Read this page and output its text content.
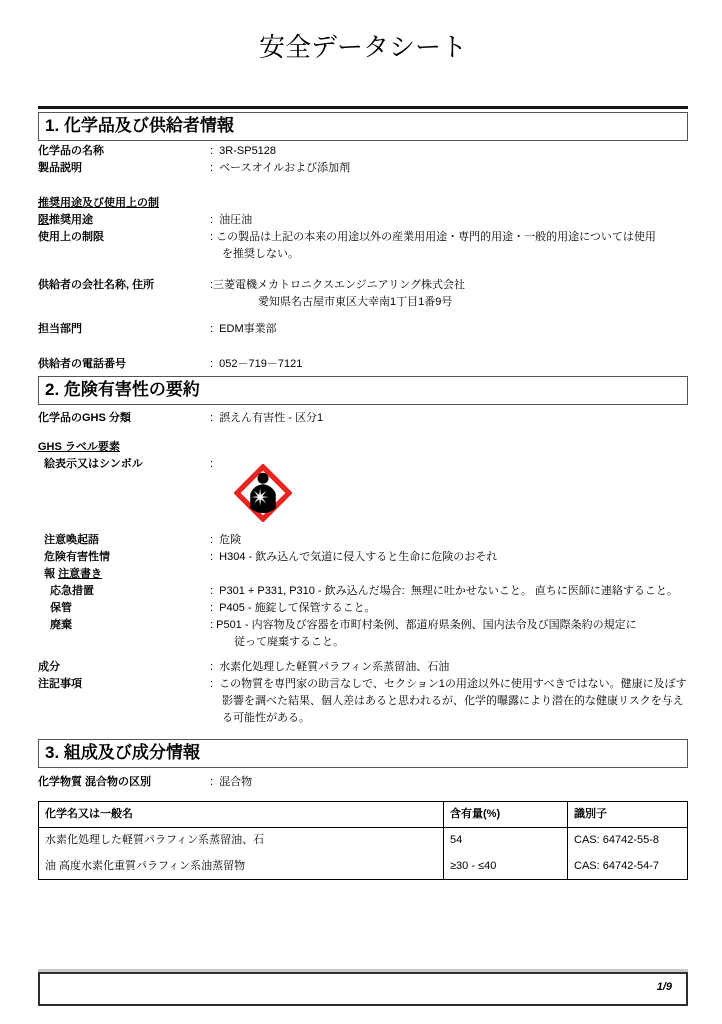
安全データシート
1. 化学品及び供給者情報
化学品の名称	:  3R-SP5128
製品説明	:  ベースオイルおよび添加剤
推奨用途及び使用上の制
限推奨用途	:  油圧油
使用上の制限	: この製品は上記の本来の用途以外の産業用用途・専門的用途・一般的用途については使用
を推奨しない。
供給者の会社名称, 住所	:三菱電機メカトロニクスエンジニアリング株式会社
愛知県名古屋市東区大幸南1丁目1番9号
担当部門	:  EDM事業部
供給者の電話番号	:  052－719－7121
2. 危険有害性の要約
化学品のGHS 分類	:  誤えん有害性 - 区分1
GHS ラベル要素
絵表示又はシンボル	:
注意喚起語	:  危険
危険有害性情	:  H304 - 飲み込んで気道に侵入すると生命に危険のおそれ
報 注意書き
応急措置	:  P301 + P331, P310 - 飲み込んだ場合:  無理に吐かせないこと。 直ちに医師に連絡すること。
保管	:  P405 - 施錠して保管すること。
廃棄	: P501 - 内容物及び容器を市町村条例、都道府県条例、国内法令及び国際条約の規定に
従って廃棄すること。
成分	:  水素化処理した軽質パラフィン系蒸留油、石油
注記事項	:  この物質を専門家の助言なしで、セクション1の用途以外に使用すべきではない。健康に及ぼす
影響を調べた結果、個人差はあると思われるが、化学的曝露により潜在的な健康リスクを与え
る可能性がある。
3. 組成及び成分情報
化学物質 混合物の区別	:  混合物
化学名又は一般名	含有量(%)	識別子
水素化処理した軽質パラフィン系蒸留油、石	54	CAS: 64742-55-8
油 高度水素化重質パラフィン系油蒸留物	≥30 - ≤40	CAS: 64742-54-7
1/9
